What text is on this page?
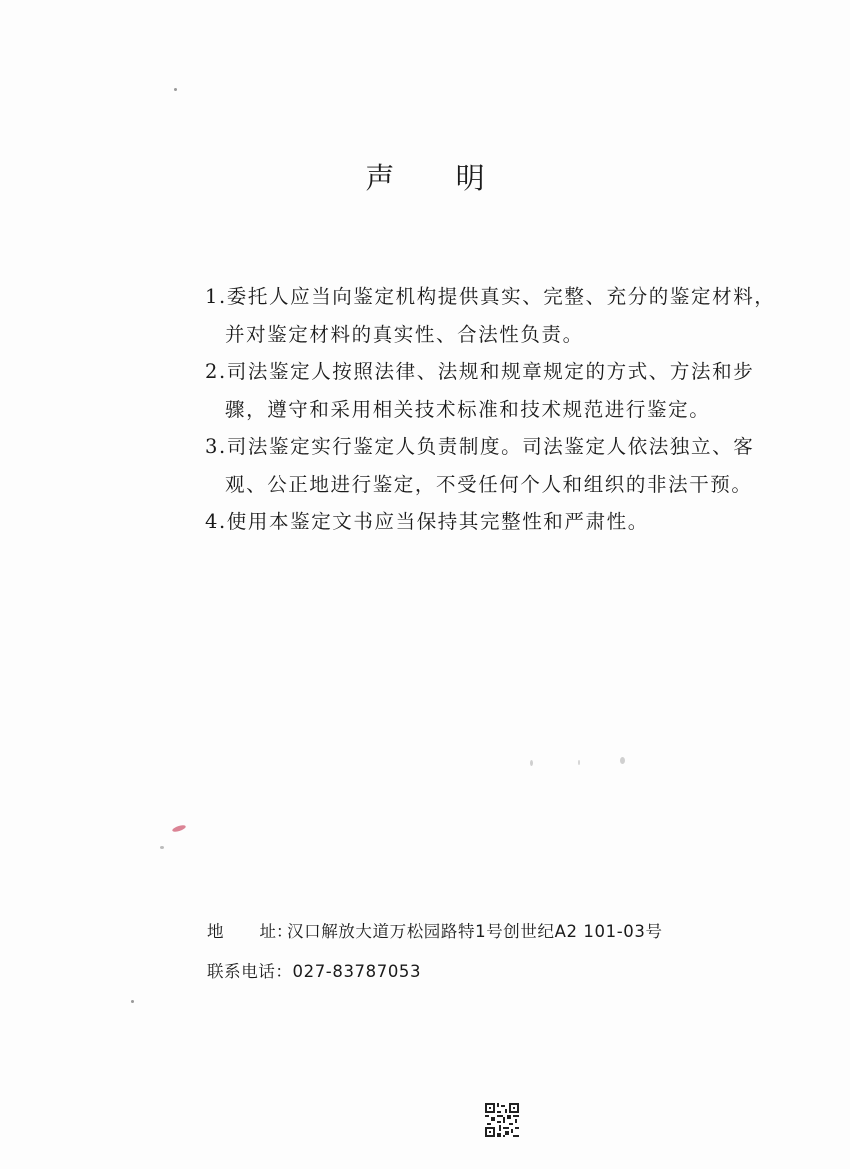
声 明
1.委托人应当向鉴定机构提供真实、完整、充分的鉴定材料，
并对鉴定材料的真实性、合法性负责。
2.司法鉴定人按照法律、法规和规章规定的方式、方法和步
骤，遵守和采用相关技术标准和技术规范进行鉴定。
3.司法鉴定实行鉴定人负责制度。司法鉴定人依法独立、客
观、公正地进行鉴定，不受任何个人和组织的非法干预。
4.使用本鉴定文书应当保持其完整性和严肃性。
地 址：汉口解放大道万松园路特1号创世纪A2 101-03号
联系电话：027-83787053
